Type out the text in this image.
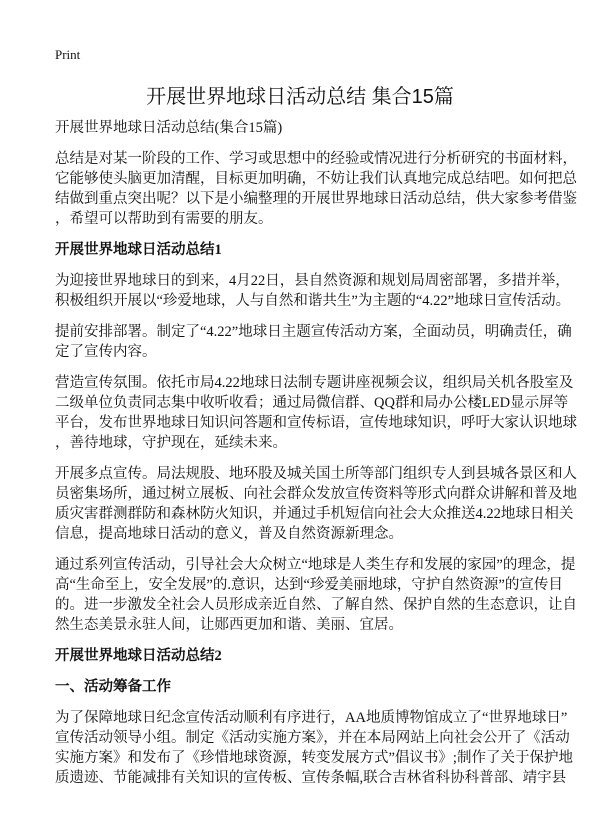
Print
开展世界地球日活动总结 集合15篇
开展世界地球日活动总结(集合15篇)
总结是对某一阶段的工作、学习或思想中的经验或情况进行分析研究的书面材料，
它能够使头脑更加清醒，目标更加明确，不妨让我们认真地完成总结吧。如何把总
结做到重点突出呢？以下是小编整理的开展世界地球日活动总结，供大家参考借鉴
，希望可以帮助到有需要的朋友。
开展世界地球日活动总结1
为迎接世界地球日的到来，4月22日，县自然资源和规划局周密部署，多措并举，
积极组织开展以“珍爱地球，人与自然和谐共生”为主题的“4.22”地球日宣传活动。
提前安排部署。制定了“4.22”地球日主题宣传活动方案，全面动员，明确责任，确
定了宣传内容。
营造宣传氛围。依托市局4.22地球日法制专题讲座视频会议，组织局关机各股室及
二级单位负责同志集中收听收看；通过局微信群、QQ群和局办公楼LED显示屏等
平台，发布世界地球日知识问答题和宣传标语，宣传地球知识，呼吁大家认识地球
，善待地球，守护现在，延续未来。
开展多点宣传。局法规股、地环股及城关国土所等部门组织专人到县城各景区和人
员密集场所，通过树立展板、向社会群众发放宣传资料等形式向群众讲解和普及地
质灾害群测群防和森林防火知识，并通过手机短信向社会大众推送4.22地球日相关
信息，提高地球日活动的意义，普及自然资源新理念。
通过系列宣传活动，引导社会大众树立“地球是人类生存和发展的家园”的理念，提
高“生命至上，安全发展”的.意识，达到“珍爱美丽地球，守护自然资源”的宣传目
的。进一步激发全社会人员形成亲近自然、了解自然、保护自然的生态意识，让自
然生态美景永驻人间，让郧西更加和谐、美丽、宜居。
开展世界地球日活动总结2
一、活动筹备工作
为了保障地球日纪念宣传活动顺利有序进行，AA地质博物馆成立了“世界地球日”
宣传活动领导小组。制定《活动实施方案》，并在本局网站上向社会公开了《活动
实施方案》和发布了《珍惜地球资源，转变发展方式”倡议书》;制作了关于保护地
质遗迹、节能减排有关知识的宣传板、宣传条幅,联合吉林省科协科普部、靖宇县
